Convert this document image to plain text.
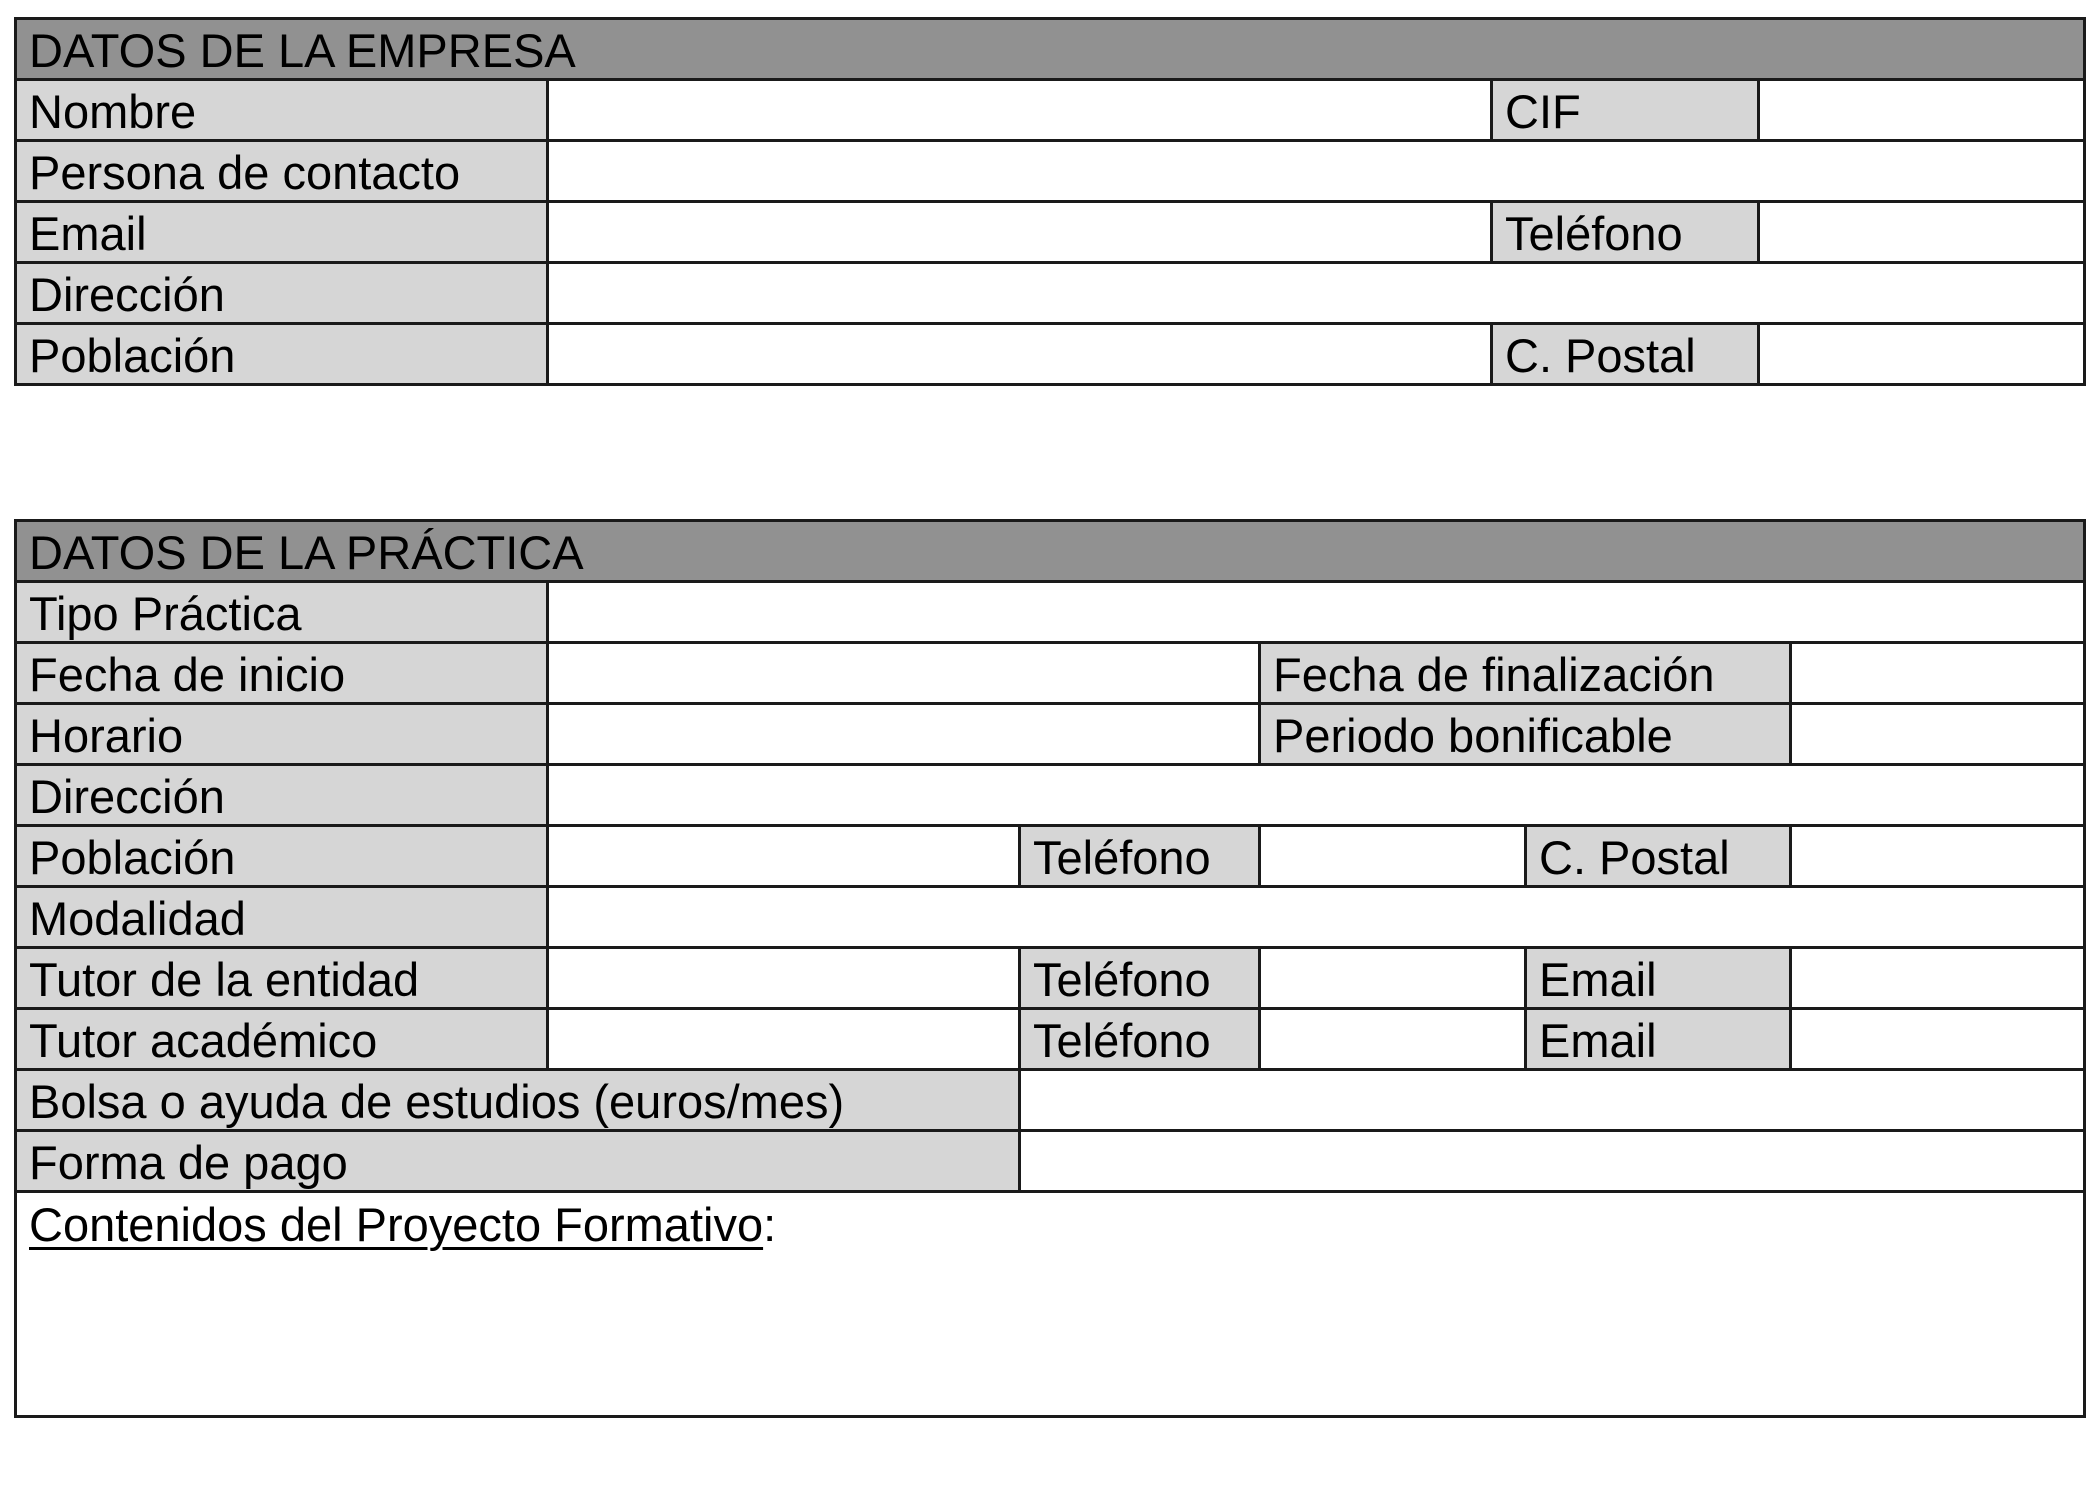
DATOS DE LA EMPRESA			
Nombre		CIF	
Persona de contacto			
Email		Teléfono	
Dirección			
Población		C. Postal	
DATOS DE LA PRÁCTICA					
Tipo Práctica					
Fecha de inicio			Fecha de finalización		
Horario			Periodo bonificable		
Dirección					
Población		Teléfono		C. Postal	
Modalidad					
Tutor de la entidad		Teléfono		Email	
Tutor académico		Teléfono		Email	
Bolsa o ayuda de estudios (euros/mes)					
Forma de pago					
Contenidos del Proyecto Formativo:					
